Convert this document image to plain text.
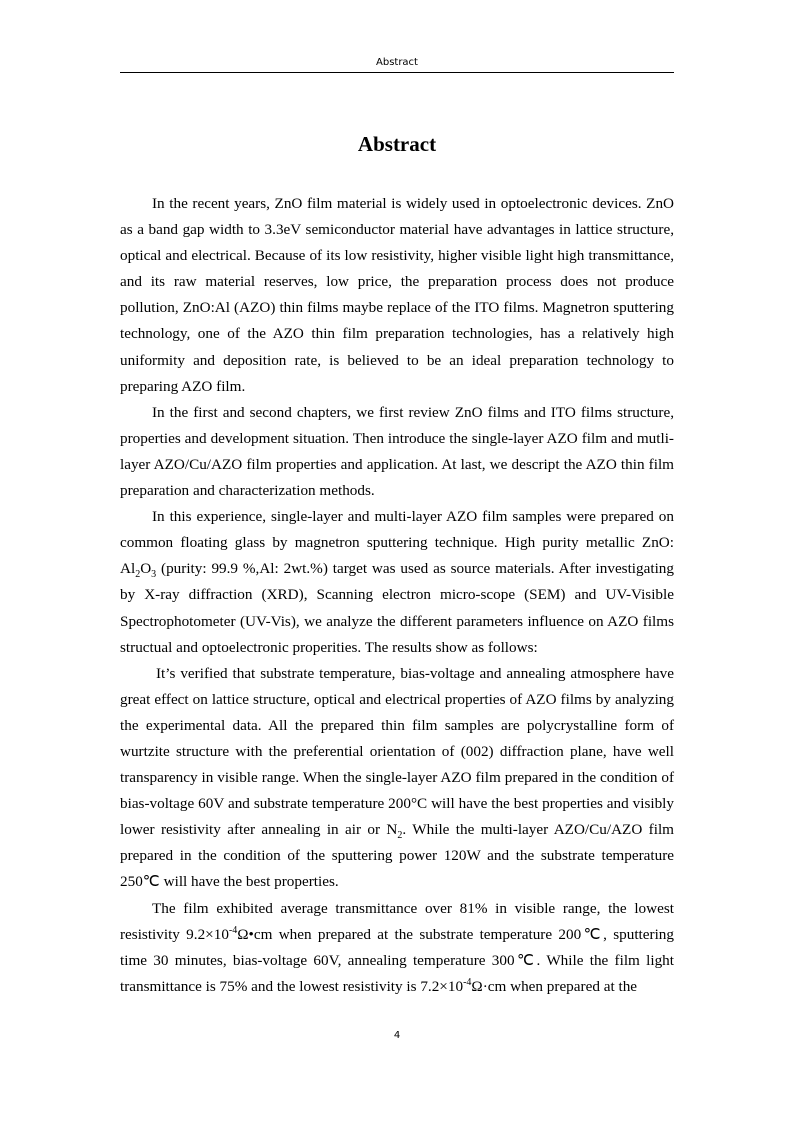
Abstract
Abstract

In the recent years, ZnO film material is widely used in optoelectronic devices. ZnO as a band gap width to 3.3eV semiconductor material have advantages in lattice structure, optical and electrical. Because of its low resistivity, higher visible light high transmittance, and its raw material reserves, low price, the preparation process does not produce pollution, ZnO:Al (AZO) thin films maybe replace of the ITO films. Magnetron sputtering technology, one of the AZO thin film preparation technologies, has a relatively high uniformity and deposition rate, is believed to be an ideal preparation technology to preparing AZO film.

In the first and second chapters, we first review ZnO films and ITO films structure, properties and development situation. Then introduce the single-layer AZO film and mutli-layer AZO/Cu/AZO film properties and application. At last, we descript the AZO thin film preparation and characterization methods.

In this experience, single-layer and multi-layer AZO film samples were prepared on common floating glass by magnetron sputtering technique. High purity metallic ZnO: $Al_2O_3$ (purity: 99.9 %,Al: 2wt.%) target was used as source materials. After investigating by X-ray diffraction (XRD), Scanning electron micro-scope (SEM) and UV-Visible Spectrophotometer (UV-Vis), we analyze the different parameters influence on AZO films structual and optoelectronic properities. The results show as follows:

It’s verified that substrate temperature, bias-voltage and annealing atmosphere have great effect on lattice structure, optical and electrical properties of AZO films by analyzing the experimental data. All the prepared thin film samples are polycrystalline form of wurtzite structure with the preferential orientation of (002) diffraction plane, have well transparency in visible range. When the single-layer AZO film prepared in the condition of bias-voltage 60V and substrate temperature 200°C will have the best properties and visibly lower resistivity after annealing in air or $N_2$. While the multi-layer AZO/Cu/AZO film prepared in the condition of the sputtering power 120W and the substrate temperature 250℃ will have the best properties.

The film exhibited average transmittance over 81% in visible range, the lowest resistivity $9.2\times 10^{-4}\Omega•cm$ when prepared at the substrate temperature 200℃, sputtering time 30 minutes, bias-voltage 60V, annealing temperature 300℃. While the film light transmittance is 75% and the lowest resistivity is $7.2\times 10^{-4}\Omega\cdot cm$ when prepared at the

4
